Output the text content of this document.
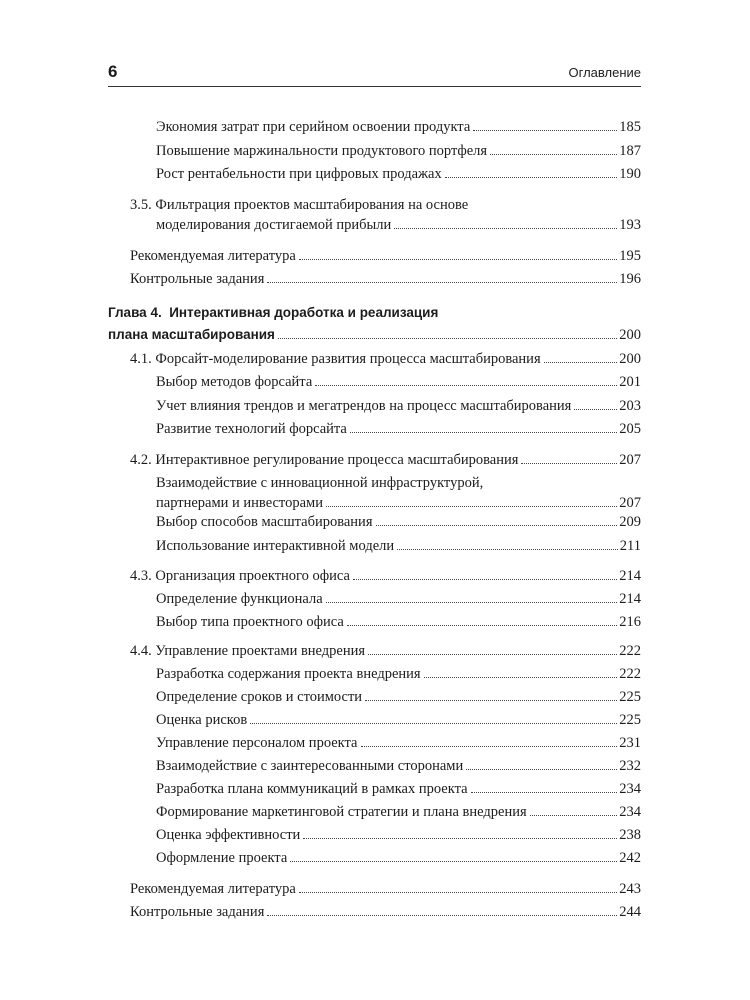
6	Оглавление
Экономия затрат при серийном освоении продукта	185
Повышение маржинальности продуктового портфеля	187
Рост рентабельности при цифровых продажах	190
3.5. Фильтрация проектов масштабирования на основе
моделирования достигаемой прибыли	193
Рекомендуемая литература	195
Контрольные задания	196
Глава 4.  Интерактивная доработка и реализация
плана масштабирования	200
4.1. Форсайт-моделирование развития процесса масштабирования	200
Выбор методов форсайта	201
Учет влияния трендов и мегатрендов на процесс масштабирования	203
Развитие технологий форсайта	205
4.2. Интерактивное регулирование процесса масштабирования	207
Взаимодействие с инновационной инфраструктурой,
партнерами и инвесторами	207
Выбор способов масштабирования	209
Использование интерактивной модели	211
4.3. Организация проектного офиса	214
Определение функционала	214
Выбор типа проектного офиса	216
4.4. Управление проектами внедрения	222
Разработка содержания проекта внедрения	222
Определение сроков и стоимости	225
Оценка рисков	225
Управление персоналом проекта	231
Взаимодействие с заинтересованными сторонами	232
Разработка плана коммуникаций в рамках проекта	234
Формирование маркетинговой стратегии и плана внедрения	234
Оценка эффективности	238
Оформление проекта	242
Рекомендуемая литература	243
Контрольные задания	244
